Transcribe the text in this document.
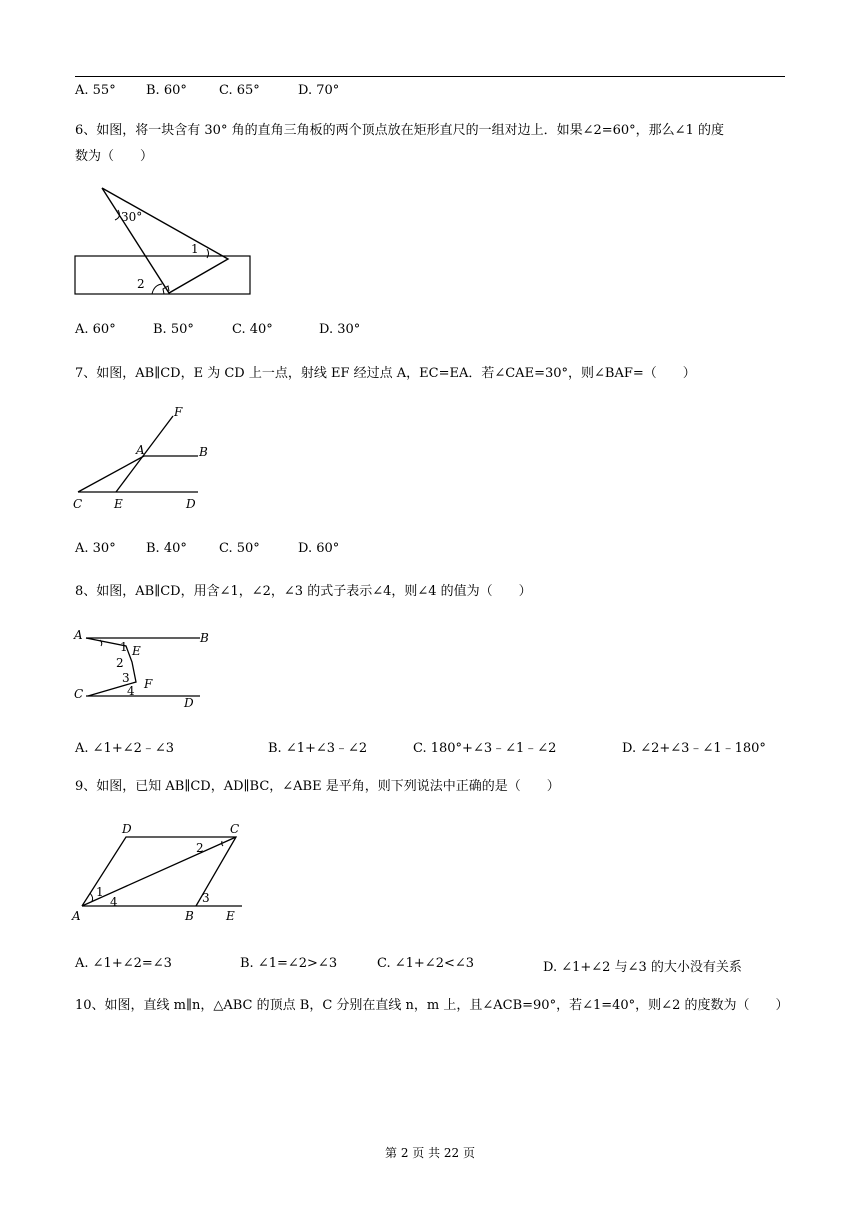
A. 55° B. 60° C. 65°	D. 70°
6、如图，将一块含有 30° 角的直角三角板的两个顶点放在矩形直尺的一组对边上．如果∠2=60°，那么∠1 的度
数为（　　）
30°
1
2
A. 60°	B. 50°	C. 40°	D. 30°
7、如图，AB∥CD，E 为 CD 上一点，射线 EF 经过点 A，EC=EA．若∠CAE=30°，则∠BAF=（　　）
F
A	B
C	E	D
A. 30° B. 40° C. 50°	D. 60°
8、如图，AB∥CD，用含∠1，∠2，∠3 的式子表示∠4，则∠4 的值为（　　）
A	B
C
D
E
F
1
2
3
4
A. ∠1+∠2﹣∠3	B. ∠1+∠3﹣∠2	C. 180°+∠3﹣∠1﹣∠2	D. ∠2+∠3﹣∠1﹣180°
9、如图，已知 AB∥CD，AD∥BC，∠ABE 是平角，则下列说法中正确的是（　　）
D	C
A	B	E
1
2
3
4
A. ∠1+∠2=∠3	B. ∠1=∠2>∠3	C. ∠1+∠2<∠3	D. ∠1+∠2 与∠3 的大小没有关系
10、如图，直线 m∥n，△ABC 的顶点 B，C 分别在直线 n，m 上，且∠ACB=90°，若∠1=40°，则∠2 的度数为（　　）
第 2 页 共 22 页
